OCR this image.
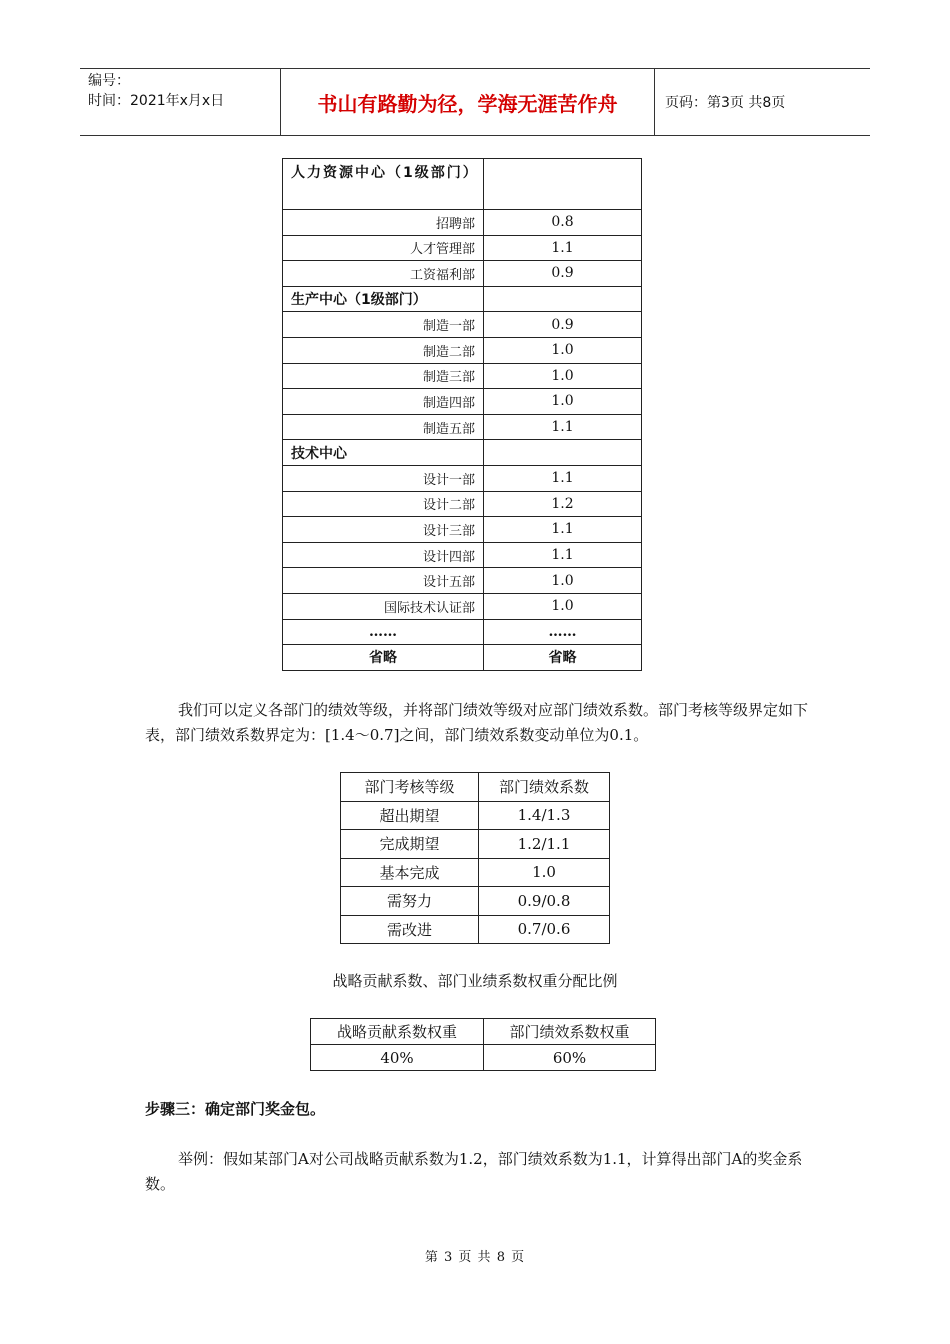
编号：
时间：2021年x月x日	书山有路勤为径，学海无涯苦作舟	页码：第3页 共8页
人力资源中心（1级部门）	
招聘部	0.8
人才管理部	1.1
工资福利部	0.9
生产中心（1级部门）	
制造一部	0.9
制造二部	1.0
制造三部	1.0
制造四部	1.0
制造五部	1.1
技术中心	
设计一部	1.1
设计二部	1.2
设计三部	1.1
设计四部	1.1
设计五部	1.0
国际技术认证部	1.0
……	……
省略	省略

我们可以定义各部门的绩效等级，并将部门绩效等级对应部门绩效系数。部门考核等级界定如下表，部门绩效系数界定为：[1.4～0.7]之间，部门绩效系数变动单位为0.1。

部门考核等级	部门绩效系数
超出期望	1.4/1.3
完成期望	1.2/1.1
基本完成	1.0
需努力	0.9/0.8
需改进	0.7/0.6
战略贡献系数、部门业绩系数权重分配比例
战略贡献系数权重	部门绩效系数权重
40%	60%
步骤三：确定部门奖金包。

举例：假如某部门A对公司战略贡献系数为1.2，部门绩效系数为1.1，计算得出部门A的奖金系数。

第 3 页 共 8 页
